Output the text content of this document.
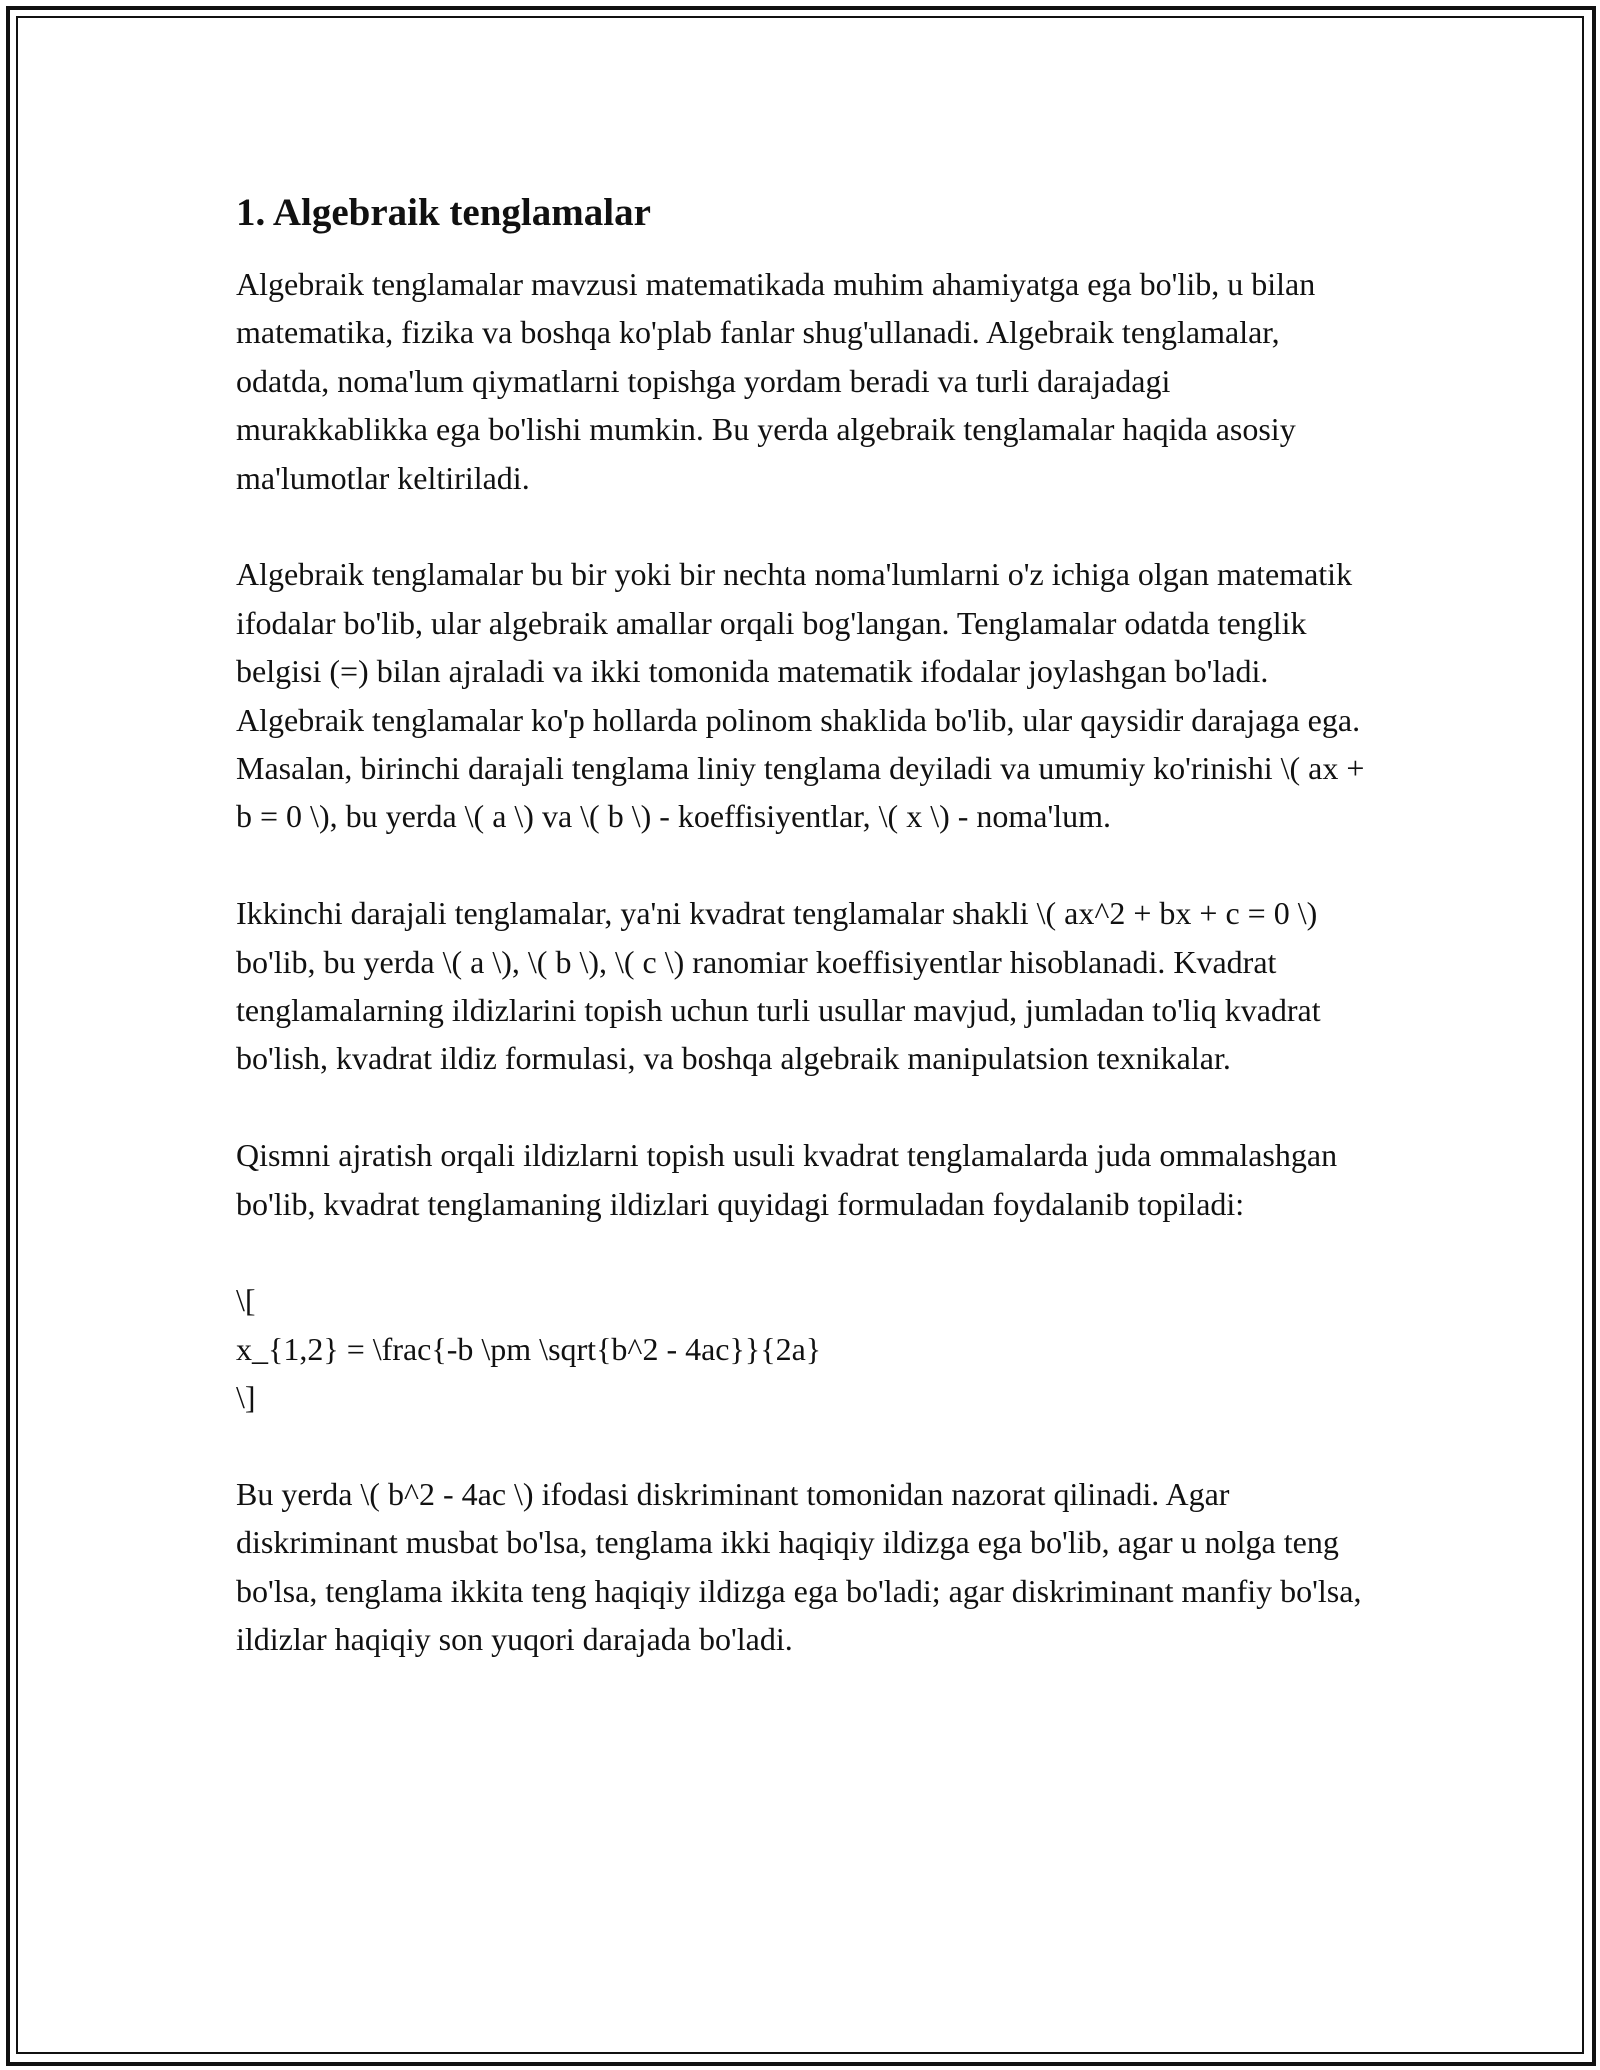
1. Algebraik tenglamalar

Algebraik tenglamalar mavzusi matematikada muhim ahamiyatga ega bo'lib, u bilan matematika, fizika va boshqa ko'plab fanlar shug'ullanadi. Algebraik tenglamalar, odatda, noma'lum qiymatlarni topishga yordam beradi va turli darajadagi murakkablikka ega bo'lishi mumkin. Bu yerda algebraik tenglamalar haqida asosiy ma'lumotlar keltiriladi.

Algebraik tenglamalar bu bir yoki bir nechta noma'lumlarni o'z ichiga olgan matematik ifodalar bo'lib, ular algebraik amallar orqali bog'langan. Tenglamalar odatda tenglik belgisi (=) bilan ajraladi va ikki tomonida matematik ifodalar joylashgan bo'ladi. Algebraik tenglamalar ko'p hollarda polinom shaklida bo'lib, ular qaysidir darajaga ega. Masalan, birinchi darajali tenglama liniy tenglama deyiladi va umumiy ko'rinishi \( ax + b = 0 \), bu yerda \( a \) va \( b \) - koeffisiyentlar, \( x \) - noma'lum.

Ikkinchi darajali tenglamalar, ya'ni kvadrat tenglamalar shakli \( ax^2 + bx + c = 0 \) bo'lib, bu yerda \( a \), \( b \), \( c \) ranomiar koeffisiyentlar hisoblanadi. Kvadrat tenglamalarning ildizlarini topish uchun turli usullar mavjud, jumladan to'liq kvadrat bo'lish, kvadrat ildiz formulasi, va boshqa algebraik manipulatsion texnikalar.

Qismni ajratish orqali ildizlarni topish usuli kvadrat tenglamalarda juda ommalashgan bo'lib, kvadrat tenglamaning ildizlari quyidagi formuladan foydalanib topiladi:

\[
x_{1,2} = \frac{-b \pm \sqrt{b^2 - 4ac}}{2a}
\]

Bu yerda \( b^2 - 4ac \) ifodasi diskriminant tomonidan nazorat qilinadi. Agar diskriminant musbat bo'lsa, tenglama ikki haqiqiy ildizga ega bo'lib, agar u nolga teng bo'lsa, tenglama ikkita teng haqiqiy ildizga ega bo'ladi; agar diskriminant manfiy bo'lsa, ildizlar haqiqiy son yuqori darajada bo'ladi.
